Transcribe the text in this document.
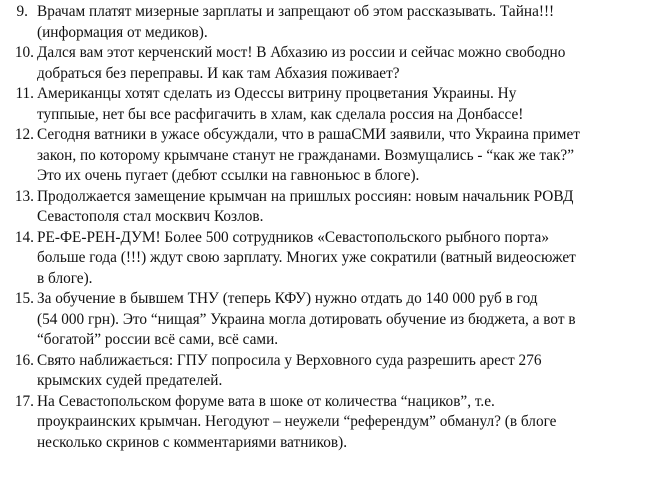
9. Врачам платят мизерные зарплаты и запрещают об этом рассказывать. Тайна!!!
(информация от медиков).
10. Дался вам этот керченский мост! В Абхазию из россии и сейчас можно свободно
добраться без переправы. И как там Абхазия поживает?
11. Американцы хотят сделать из Одессы витрину процветания Украины. Ну
туппыые, нет бы все расфигачить в хлам, как сделала россия на Донбассе!
12. Сегодня ватники в ужасе обсуждали, что в рашаСМИ заявили, что Украина примет
закон, по которому крымчане станут не гражданами. Возмущались - “как же так?”
Это их очень пугает (дебют ссылки на гавноньюс в блоге).
13. Продолжается замещение крымчан на пришлых россиян: новым начальник РОВД
Севастополя стал москвич Козлов.
14. РЕ-ФЕ-РЕН-ДУМ! Более 500 сотрудников «Севастопольского рыбного порта»
больше года (!!!) ждут свою зарплату. Многих уже сократили (ватный видеосюжет
в блоге).
15. За обучение в бывшем ТНУ (теперь КФУ) нужно отдать до 140 000 руб в год
(54 000 грн). Это “нищая” Украина могла дотировать обучение из бюджета, а вот в
“богатой” россии всё сами, всё сами.
16. Свято наближається: ГПУ попросила у Верховного суда разрешить арест 276
крымских судей предателей.
17. На Севастопольском форуме вата в шоке от количества “нациков”, т.е.
проукраинских крымчан. Негодуют – неужели “референдум” обманул? (в блоге
несколько скринов с комментариями ватников).
